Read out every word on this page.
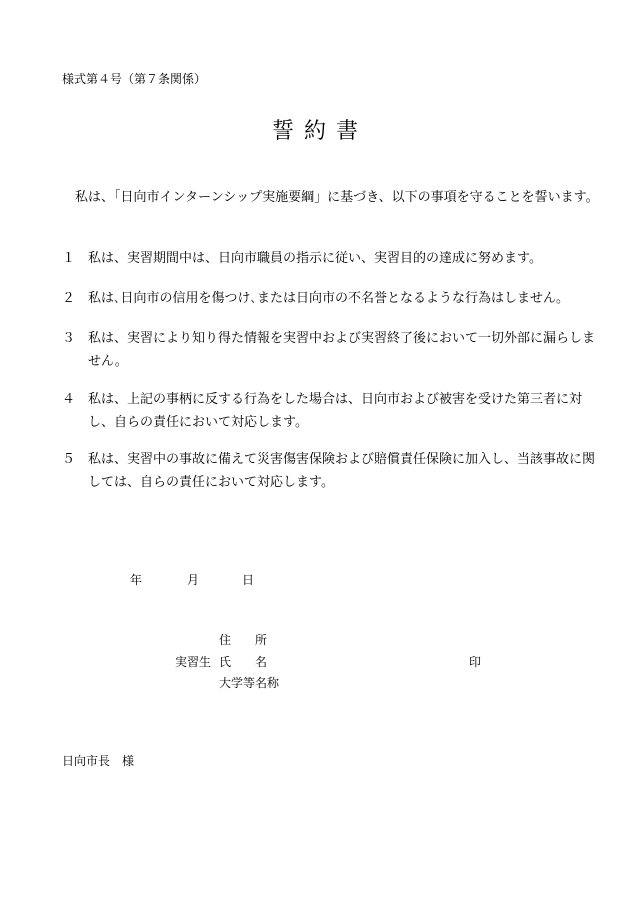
様式第４号（第７条関係）
誓約書
私は、「日向市インターンシップ実施要綱」に基づき、以下の事項を守ることを誓います。
１ 私は、実習期間中は、日向市職員の指示に従い、実習目的の達成に努めます。
２ 私は､日向市の信用を傷つけ､または日向市の不名誉となるような行為はしません｡
３ 私は、実習により知り得た情報を実習中および実習終了後において一切外部に漏らしません。
４ 私は、上記の事柄に反する行為をした場合は、日向市および被害を受けた第三者に対し、自らの責任において対応します。
５ 私は、実習中の事故に備えて災害傷害保険および賠償責任保険に加入し、当該事故に関しては、自らの責任において対応します。
年	月	日
住　　所
実習生 氏　　名	印
大学等名称
日向市長　様
